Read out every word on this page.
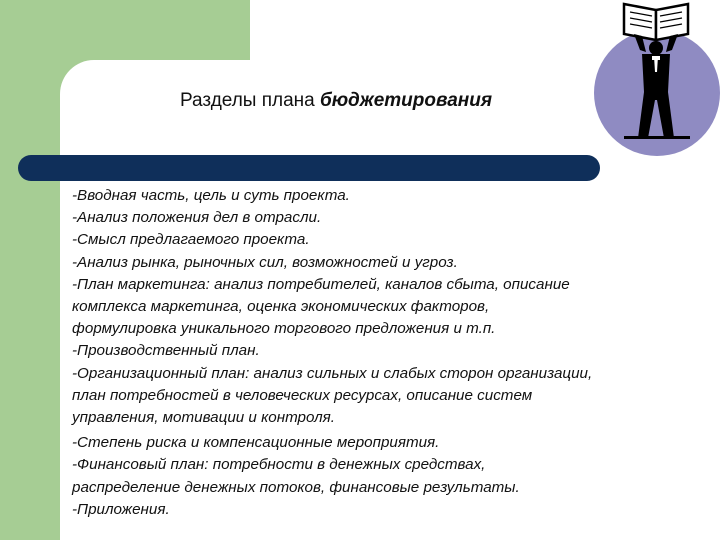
Разделы плана бюджетирования
-Вводная часть, цель и суть проекта.
-Анализ положения дел в отрасли.
-Смысл предлагаемого проекта.
-Анализ рынка, рыночных сил, возможностей и угроз.
-План маркетинга: анализ потребителей, каналов сбыта, описание
комплекса маркетинга, оценка экономических факторов,
формулировка уникального торгового предложения и т.п.
-Производственный план.
-Организационный план: анализ сильных и слабых сторон организации,
план потребностей в человеческих ресурсах, описание систем
управления, мотивации и контроля.
-Степень риска и компенсационные мероприятия.
-Финансовый план: потребности в денежных средствах,
распределение денежных потоков, финансовые результаты.
-Приложения.
